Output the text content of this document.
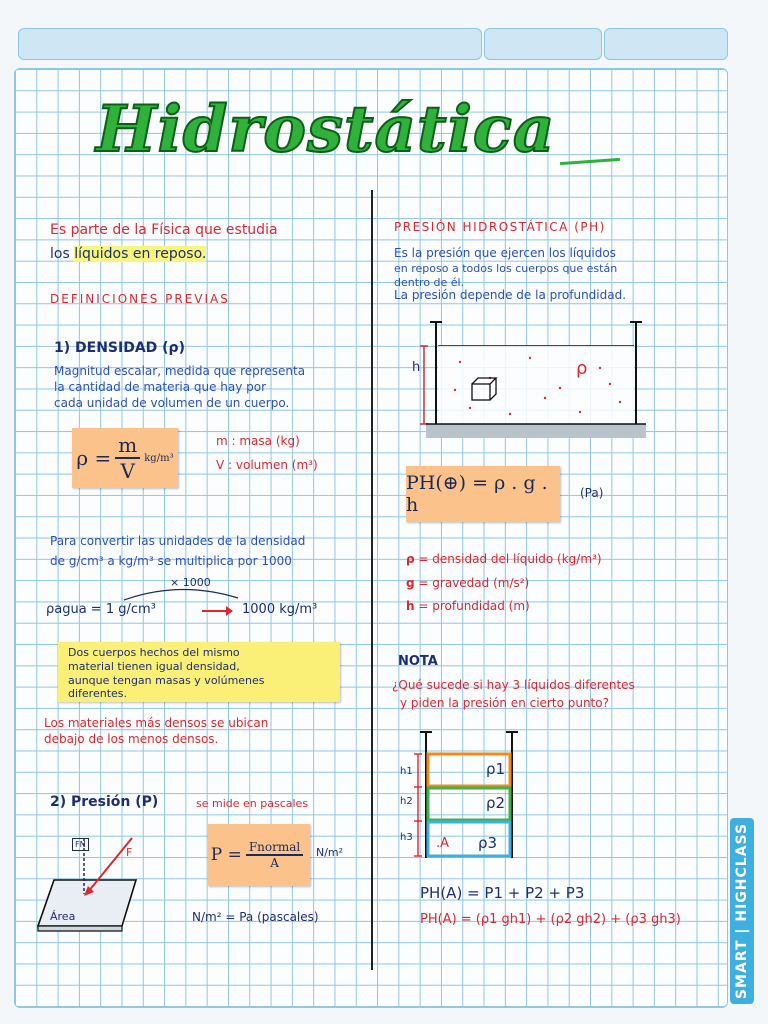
SMART | HIGHCLASS
Hidrostática
Es parte de la Física que estudia
los líquidos en reposo.
DEFINICIONES PREVIAS
1) DENSIDAD (ρ)
Magnitud escalar, medida que representa
la cantidad de materia que hay por
cada unidad de volumen de un cuerpo.
$\rho = \frac{m}{V} kg/m^3$
m : masa (kg)
V : volumen (m³)
Para convertir las unidades de la densidad
de g/cm³ a kg/m³ se multiplica por 1000
× 1000
ρagua = 1 g/cm³	1000 kg/m³
Dos cuerpos hechos del mismo
material tienen igual densidad,
aunque tengan masas y volúmenes
diferentes.
Los materiales más densos se ubican
debajo de los menos densos.
2) Presión (P)	se mide en pascales
FN
F
Área
$P = \frac{\text{Fnormal}}{A} N/m^2$
N/m² = Pa (pascales)
PRESIÓN HIDROSTÁTICA (PH)
Es la presión que ejercen los líquidos
en reposo a todos los cuerpos que están
dentro de él.
La presión depende de la profundidad.
h	ρ
PH(⊕) = ρ . g . h
(Pa)
ρ = densidad del líquido (kg/m³)
g = gravedad (m/s²)
h = profundidad (m)
NOTA
¿Qué sucede si hay 3 líquidos diferentes
y piden la presión en cierto punto?
h1
h2
h3
ρ1
ρ2
ρ3
.A
PH(A) = P1 + P2 + P3
PH(A) = (ρ1 gh1) + (ρ2 gh2) + (ρ3 gh3)
